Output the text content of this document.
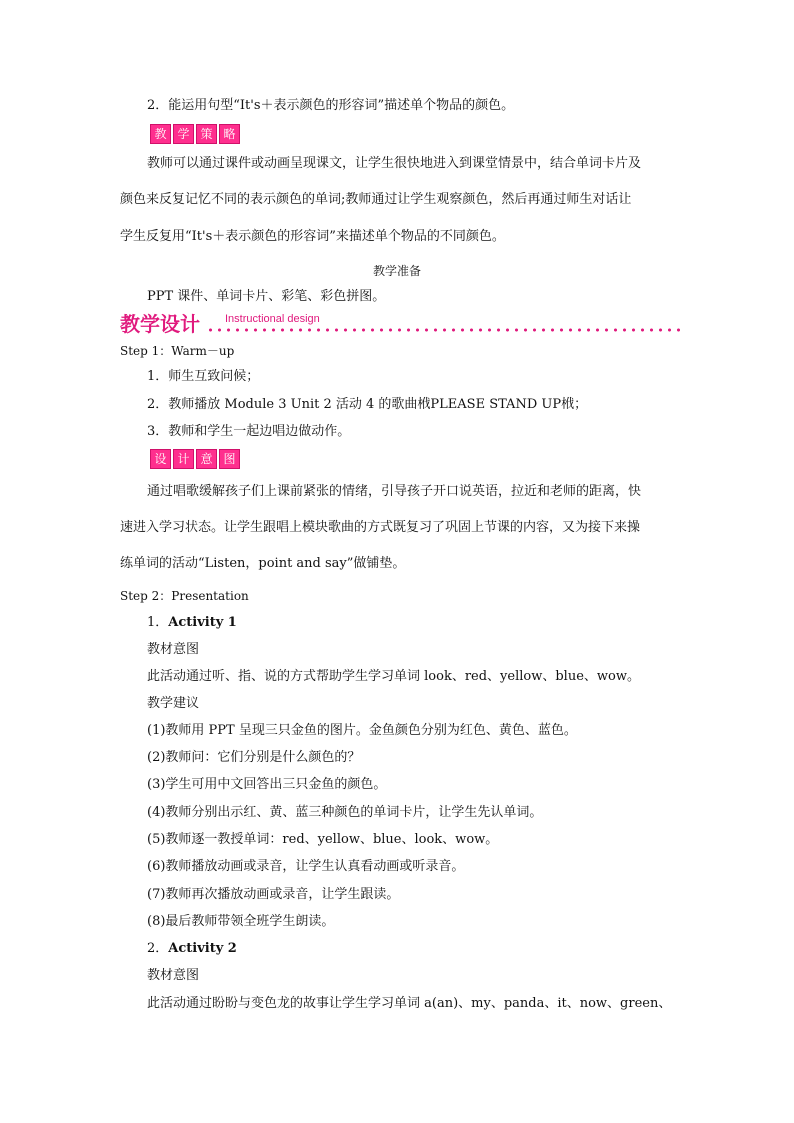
2．能运用句型“It's＋表示颜色的形容词”描述单个物品的颜色。
教 学 策 略
教师可以通过课件或动画呈现课文，让学生很快地进入到课堂情景中，结合单词卡片及
颜色来反复记忆不同的表示颜色的单词;教师通过让学生观察颜色，然后再通过师生对话让
学生反复用“It's＋表示颜色的形容词”来描述单个物品的不同颜色。
教学准备
PPT 课件、单词卡片、彩笔、彩色拼图。
教学设计 Instructional design
Step 1：Warm－up
1．师生互致问候；
2．教师播放 Module 3 Unit 2 活动 4 的歌曲栰PLEASE STAND UP栰；
3．教师和学生一起边唱边做动作。
设 计 意 图
通过唱歌缓解孩子们上课前紧张的情绪，引导孩子开口说英语，拉近和老师的距离，快
速进入学习状态。让学生跟唱上模块歌曲的方式既复习了巩固上节课的内容，又为接下来操
练单词的活动“Listen，point and say”做铺垫。
Step 2：Presentation
1．Activity 1
教材意图
此活动通过听、指、说的方式帮助学生学习单词 look、red、yellow、blue、wow。
教学建议
(1)教师用 PPT 呈现三只金鱼的图片。金鱼颜色分别为红色、黄色、蓝色。
(2)教师问：它们分别是什么颜色的？
(3)学生可用中文回答出三只金鱼的颜色。
(4)教师分别出示红、黄、蓝三种颜色的单词卡片，让学生先认单词。
(5)教师逐一教授单词：red、yellow、blue、look、wow。
(6)教师播放动画或录音，让学生认真看动画或听录音。
(7)教师再次播放动画或录音，让学生跟读。
(8)最后教师带领全班学生朗读。
2．Activity 2
教材意图
此活动通过盼盼与变色龙的故事让学生学习单词 a(an)、my、panda、it、now、green、
